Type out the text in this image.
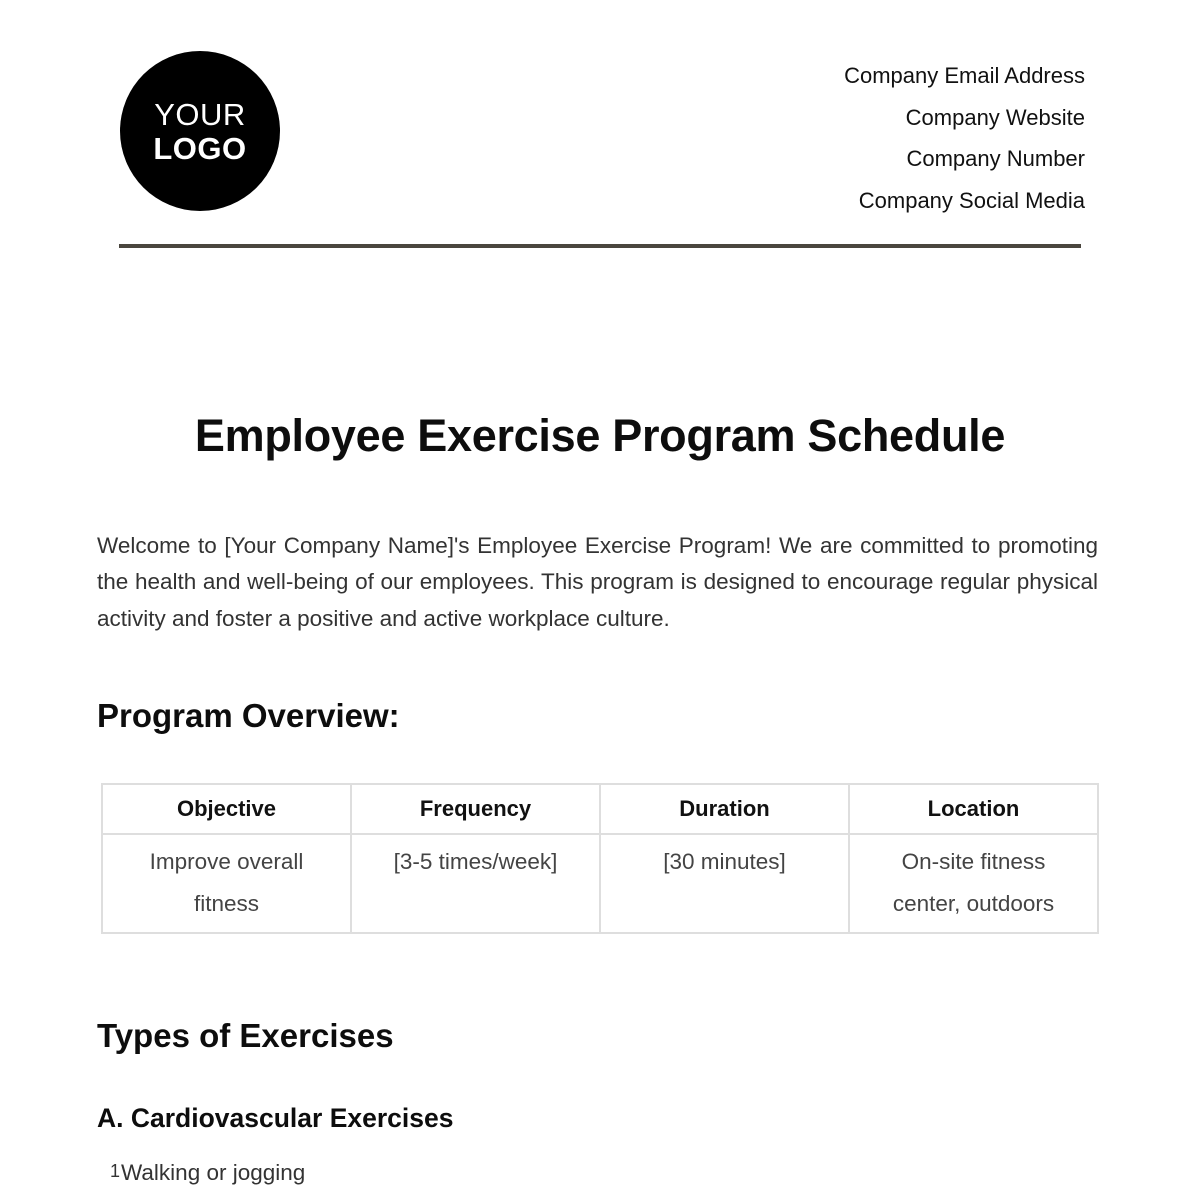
YOUR
LOGO
Company Email Address
Company Website
Company Number
Company Social Media
Employee Exercise Program Schedule

Welcome to [Your Company Name]'s Employee Exercise Program! We are committed to promoting the health and well-being of our employees. This program is designed to encourage regular physical activity and foster a positive and active workplace culture.

Program Overview:
Objective	Frequency	Duration	Location
Improve overall fitness	[3-5 times/week]	[30 minutes]	On-site fitness center, outdoors
Types of Exercises
A. Cardiovascular Exercises
1Walking or jogging
